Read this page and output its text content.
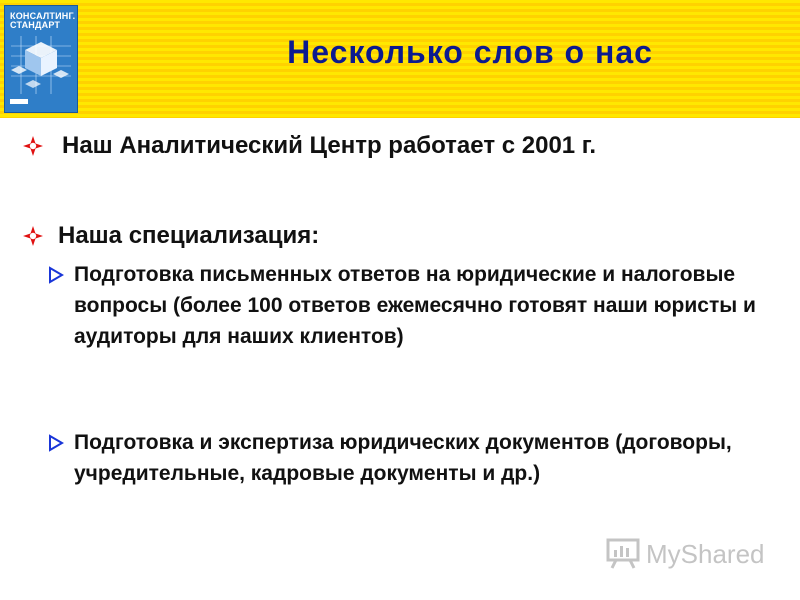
КОНСАЛТИНГ.
СТАНДАРТ
Несколько слов о нас
Наш Аналитический Центр работает с 2001 г.
Наша специализация:
Подготовка письменных ответов на юридические и налоговые вопросы (более 100 ответов ежемесячно готовят наши юристы и аудиторы для наших клиентов)
Подготовка и экспертиза юридических документов (договоры, учредительные, кадровые документы и др.)
MyShared
